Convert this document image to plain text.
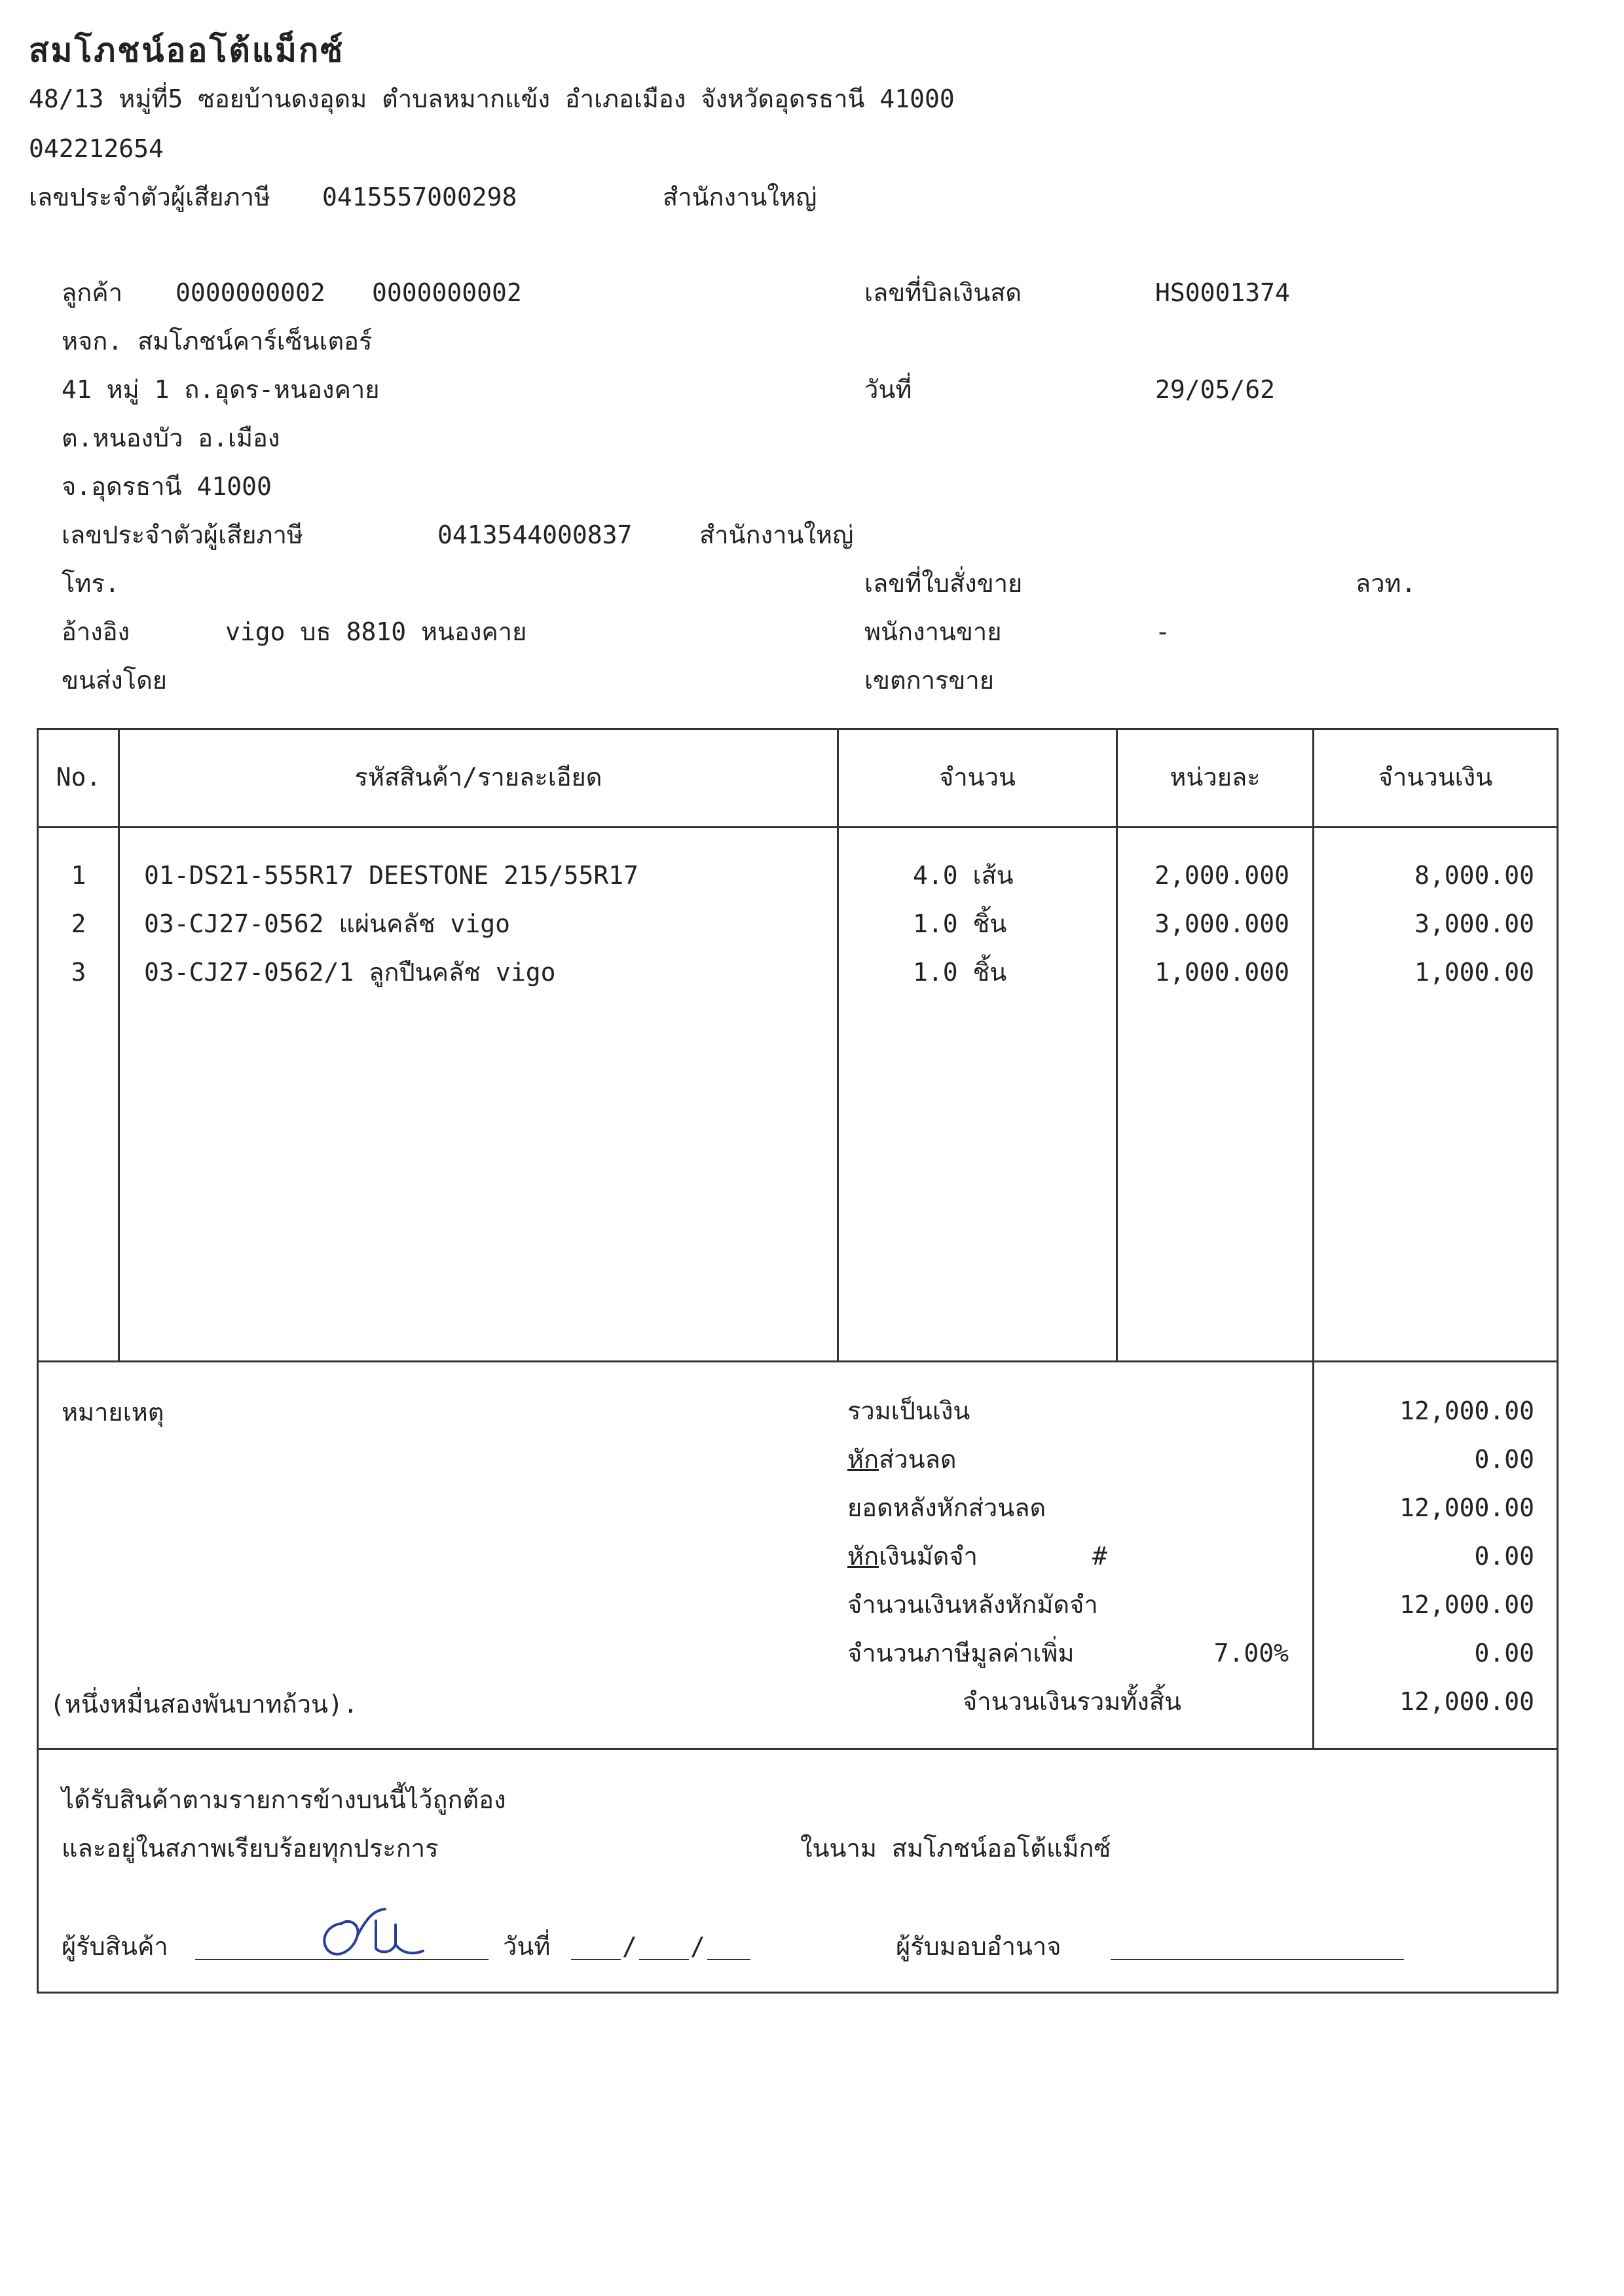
สมโภชน์ออโต้แม็กซ์
48/13 หมู่ที่5 ซอยบ้านดงอุดม ตำบลหมากแข้ง อำเภอเมือง จังหวัดอุดรธานี 41000
042212654
เลขประจำตัวผู้เสียภาษี 0415557000298	สำนักงานใหญ่
ลูกค้า 0000000002 0000000002
หจก. สมโภชน์คาร์เซ็นเตอร์
41 หมู่ 1 ถ.อุดร-หนองคาย
ต.หนองบัว อ.เมือง
จ.อุดรธานี 41000
เลขประจำตัวผู้เสียภาษี	0413544000837	สำนักงานใหญ่
โทร.
อ้างอิง	vigo บธ 8810 หนองคาย
ขนส่งโดย
เลขที่บิลเงินสด	HS0001374
วันที่	29/05/62
เลขที่ใบสั่งขาย	ลวท.
พนักงานขาย	-
เขตการขาย
No.	รหัสสินค้า/รายละเอียด	จำนวน	หน่วยละ	จำนวนเงิน
1	01-DS21-555R17 DEESTONE 215/55R17	4.0 เส้น	2,000.000	8,000.00
2	03-CJ27-0562 แผ่นคลัช vigo	1.0 ชิ้น	3,000.000	3,000.00
3	03-CJ27-0562/1 ลูกปืนคลัช vigo	1.0 ชิ้น	1,000.000	1,000.00
หมายเหตุ
(หนึ่งหมื่นสองพันบาทถ้วน).
รวมเป็นเงิน	12,000.00
หักส่วนลด	0.00
ยอดหลังหักส่วนลด	12,000.00
หักเงินมัดจำ	#	0.00
จำนวนเงินหลังหักมัดจำ	12,000.00
จำนวนภาษีมูลค่าเพิ่ม	7.00%	0.00
จำนวนเงินรวมทั้งสิ้น	12,000.00
ได้รับสินค้าตามรายการข้างบนนี้ไว้ถูกต้อง
และอยู่ในสภาพเรียบร้อยทุกประการ	ในนาม สมโภชน์ออโต้แม็กซ์
ผู้รับสินค้า	วันที่	/ /	ผู้รับมอบอำนาจ
